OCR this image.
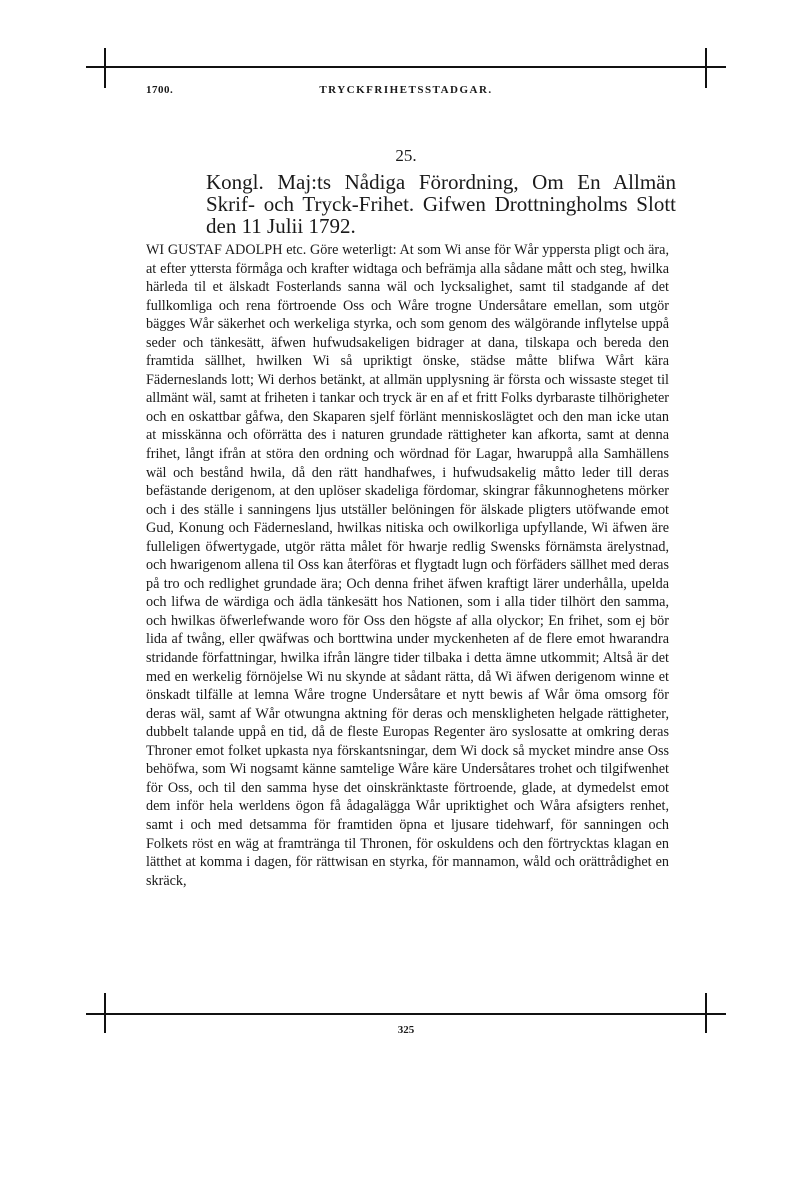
1700.	TRYCKFRIHETSSTADGAR.
25.
Kongl. Maj:ts Nådiga Förordning, Om En Allmän
Skrif- och Tryck-Frihet. Gifwen Drottningholms Slott
den 11 Julii 1792.
WI GUSTAF ADOLPH etc. Göre weterligt: At som Wi anse för Wår yppersta pligt och ära, at efter yttersta förmåga och krafter widtaga och befrämja alla sådane mått och steg, hwilka härleda til et älskadt Fosterlands sanna wäl och lycksalighet, samt til stadgande af det fullkomliga och rena förtroende Oss och Wåre trogne Undersåtare emellan, som utgör bägges Wår säkerhet och werkeliga styrka, och som genom des wälgörande inflytelse uppå seder och tänkesätt, äfwen hufwudsakeligen bidrager at dana, tilskapa och bereda den framtida sällhet, hwilken Wi så upriktigt önske, städse måtte blifwa Wårt kära Fäderneslands lott; Wi derhos betänkt, at allmän upplysning är första och wissaste steget til allmänt wäl, samt at friheten i tankar och tryck är en af et fritt Folks dyrbaraste tilhörigheter och en oskattbar gåfwa, den Skaparen sjelf förlänt menniskoslägtet och den man icke utan at misskänna och oförrätta des i naturen grundade rättigheter kan afkorta, samt at denna frihet, långt ifrån at störa den ordning och wördnad för Lagar, hwaruppå alla Samhällens wäl och bestånd hwila, då den rätt handhafwes, i hufwudsakelig måtto leder till deras befästande derigenom, at den uplöser skadeliga fördomar, skingrar fåkunnoghetens mörker och i des ställe i sanningens ljus utställer belöningen för älskade pligters utöfwande emot Gud, Konung och Fädernesland, hwilkas nitiska och owilkorliga upfyllande, Wi äfwen äre fulleligen öfwertygade, utgör rätta målet för hwarje redlig Swensks förnämsta ärelystnad, och hwarigenom allena til Oss kan återföras et flygtadt lugn och förfäders sällhet med deras på tro och redlighet grundade ära; Och denna frihet äfwen kraftigt lärer underhålla, upelda och lifwa de wärdiga och ädla tänkesätt hos Nationen, som i alla tider tilhört den samma, och hwilkas öfwerlefwande woro för Oss den högste af alla olyckor; En frihet, som ej bör lida af twång, eller qwäfwas och borttwina under myckenheten af de flere emot hwarandra stridande författningar, hwilka ifrån längre tider tilbaka i detta ämne utkommit; Altså är det med en werkelig förnöjelse Wi nu skynde at sådant rätta, då Wi äfwen derigenom winne et önskadt tilfälle at lemna Wåre trogne Undersåtare et nytt bewis af Wår öma omsorg för deras wäl, samt af Wår otwungna aktning för deras och menskligheten helgade rättigheter, dubbelt talande uppå en tid, då de fleste Europas Regenter äro syslosatte at omkring deras Throner emot folket upkasta nya förskantsningar, dem Wi dock så mycket mindre anse Oss behöfwa, som Wi nogsamt känne samtelige Wåre käre Undersåtares trohet och tilgifwenhet för Oss, och til den samma hyse det oinskränktaste förtroende, glade, at dymedelst emot dem inför hela werldens ögon få ådagalägga Wår upriktighet och Wåra afsigters renhet, samt i och med detsamma för framtiden öpna et ljusare tidehwarf, för sanningen och Folkets röst en wäg at framtränga til Thronen, för oskuldens och den förtrycktas klagan en lätthet at komma i dagen, för rättwisan en styrka, för mannamon, wåld och orättrådighet en skräck,
325
